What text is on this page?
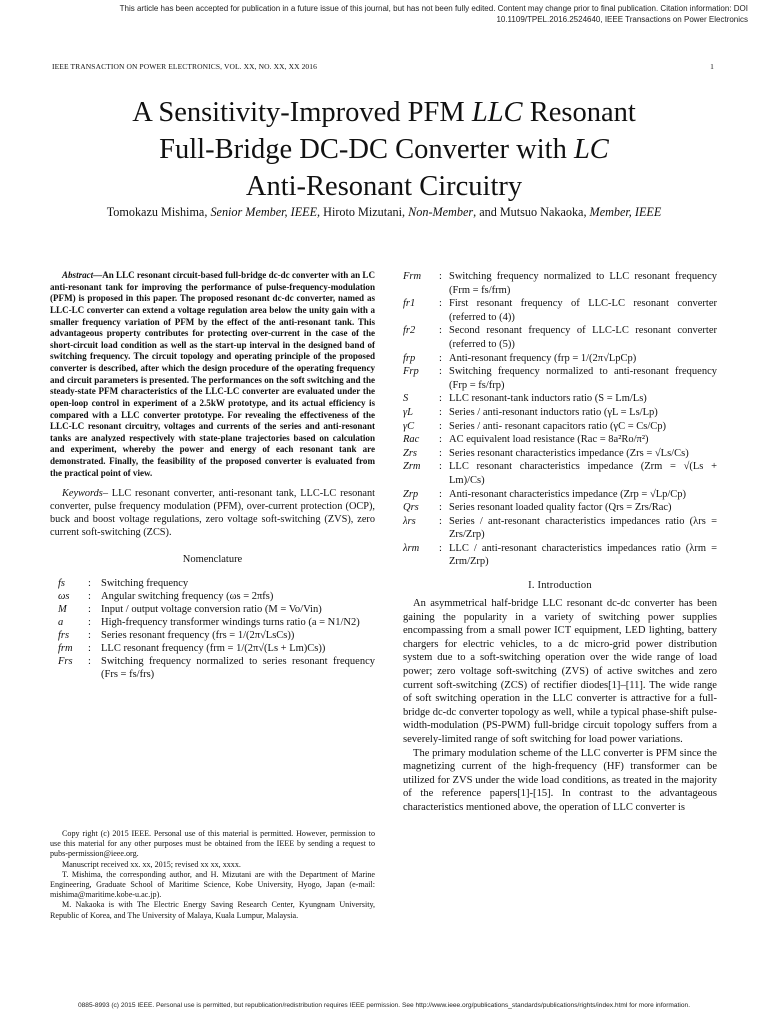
This article has been accepted for publication in a future issue of this journal, but has not been fully edited. Content may change prior to final publication. Citation information: DOI 10.1109/TPEL.2016.2524640, IEEE Transactions on Power Electronics
IEEE TRANSACTION ON POWER ELECTRONICS, VOL. XX, NO. XX, XX 2016	1
A Sensitivity-Improved PFM LLC Resonant
Full-Bridge DC-DC Converter with LC
Anti-Resonant Circuitry
Tomokazu Mishima, Senior Member, IEEE, Hiroto Mizutani, Non-Member, and Mutsuo Nakaoka, Member, IEEE

Abstract—An LLC resonant circuit-based full-bridge dc-dc converter with an LC anti-resonant tank for improving the performance of pulse-frequency-modulation (PFM) is proposed in this paper. The proposed resonant dc-dc converter, named as LLC-LC converter can extend a voltage regulation area below the unity gain with a smaller frequency variation of PFM by the effect of the anti-resonant tank. This advantageous property contributes for protecting over-current in the case of the short-circuit load condition as well as the start-up interval in the designed band of switching frequency. The circuit topology and operating principle of the proposed converter is described, after which the design procedure of the operating frequency and circuit parameters is presented. The performances on the soft switching and the steady-state PFM characteristics of the LLC-LC converter are evaluated under the open-loop control in experiment of a 2.5kW prototype, and its actual efficiency is compared with a LLC converter prototype. For revealing the effectiveness of the LLC-LC resonant circuitry, voltages and currents of the series and anti-resonant tanks are analyzed respectively with state-plane trajectories based on calculation and experiment, whereby the power and energy of each resonant tank are demonstrated. Finally, the feasibility of the proposed converter is evaluated from the practical point of view.

Keywords– LLC resonant converter, anti-resonant tank, LLC-LC resonant converter, pulse frequency modulation (PFM), over-current protection (OCP), buck and boost voltage regulations, zero voltage soft-switching (ZVS), zero current soft-switching (ZCS).

Nomenclature
fs	: Switching frequency
ωs	: Angular switching frequency (ωs = 2πfs)
M	: Input / output voltage conversion ratio (M = Vo/Vin)
a	: High-frequency transformer windings turns ratio (a = N1/N2)
frs	: Series resonant frequency (frs = 1/(2π√LsCs))
frm	: LLC resonant frequency (frm = 1/(2π√(Ls + Lm)Cs))
Frs	: Switching frequency normalized to series resonant frequency (Frs = fs/frs)

Copy right (c) 2015 IEEE. Personal use of this material is permitted. However, permission to use this material for any other purposes must be obtained from the IEEE by sending a request to pubs-permission@ieee.org.

Manuscript received xx. xx, 2015; revised xx xx, xxxx.

T. Mishima, the corresponding author, and H. Mizutani are with the Department of Marine Engineering, Graduate School of Maritime Science, Kobe University, Hyogo, Japan (e-mail: mishima@maritime.kobe-u.ac.jp).

M. Nakaoka is with The Electric Energy Saving Research Center, Kyungnam University, Republic of Korea, and The University of Malaya, Kuala Lumpur, Malaysia.

Frm	: Switching frequency normalized to LLC resonant frequency (Frm = fs/frm)
fr1	: First resonant frequency of LLC-LC resonant converter (referred to (4))
fr2	: Second resonant frequency of LLC-LC resonant converter (referred to (5))
frp	: Anti-resonant frequency (frp = 1/(2π√LpCp)
Frp	: Switching frequency normalized to anti-resonant frequency (Frp = fs/frp)
S	: LLC resonant-tank inductors ratio (S = Lm/Ls)
γL	: Series / anti-resonant inductors ratio (γL = Ls/Lp)
γC	: Series / anti- resonant capacitors ratio (γC = Cs/Cp)
Rac	: AC equivalent load resistance (Rac = 8a²Ro/π²)
Zrs	: Series resonant characteristics impedance (Zrs = √Ls/Cs)
Zrm	: LLC resonant characteristics impedance (Zrm = √(Ls + Lm)/Cs)
Zrp	: Anti-resonant characteristics impedance (Zrp = √Lp/Cp)
Qrs	: Series resonant loaded quality factor (Qrs = Zrs/Rac)
λrs	: Series / ant-resonant characteristics impedances ratio (λrs = Zrs/Zrp)
λrm	: LLC / anti-resonant characteristics impedances ratio (λrm = Zrm/Zrp)
I. Introduction

An asymmetrical half-bridge LLC resonant dc-dc converter has been gaining the popularity in a variety of switching power supplies encompassing from a small power ICT equipment, LED lighting, battery chargers for electric vehicles, to a dc micro-grid power distribution system due to a soft-switching operation over the wide range of load power; zero voltage soft-switching (ZVS) of active switches and zero current soft-switching (ZCS) of rectifier diodes[1]–[11]. The wide range of soft switching operation in the LLC converter is attractive for a full-bridge dc-dc converter topology as well, while a typical phase-shift pulse-width-modulation (PS-PWM) full-bridge circuit topology suffers from a severely-limited range of soft switching for load power variations.

The primary modulation scheme of the LLC converter is PFM since the magnetizing current of the high-frequency (HF) transformer can be utilized for ZVS under the wide load conditions, as treated in the majority of the reference papers[1]-[15]. In contrast to the advantageous characteristics mentioned above, the operation of LLC converter is

0885-8993 (c) 2015 IEEE. Personal use is permitted, but republication/redistribution requires IEEE permission. See http://www.ieee.org/publications_standards/publications/rights/index.html for more information.
